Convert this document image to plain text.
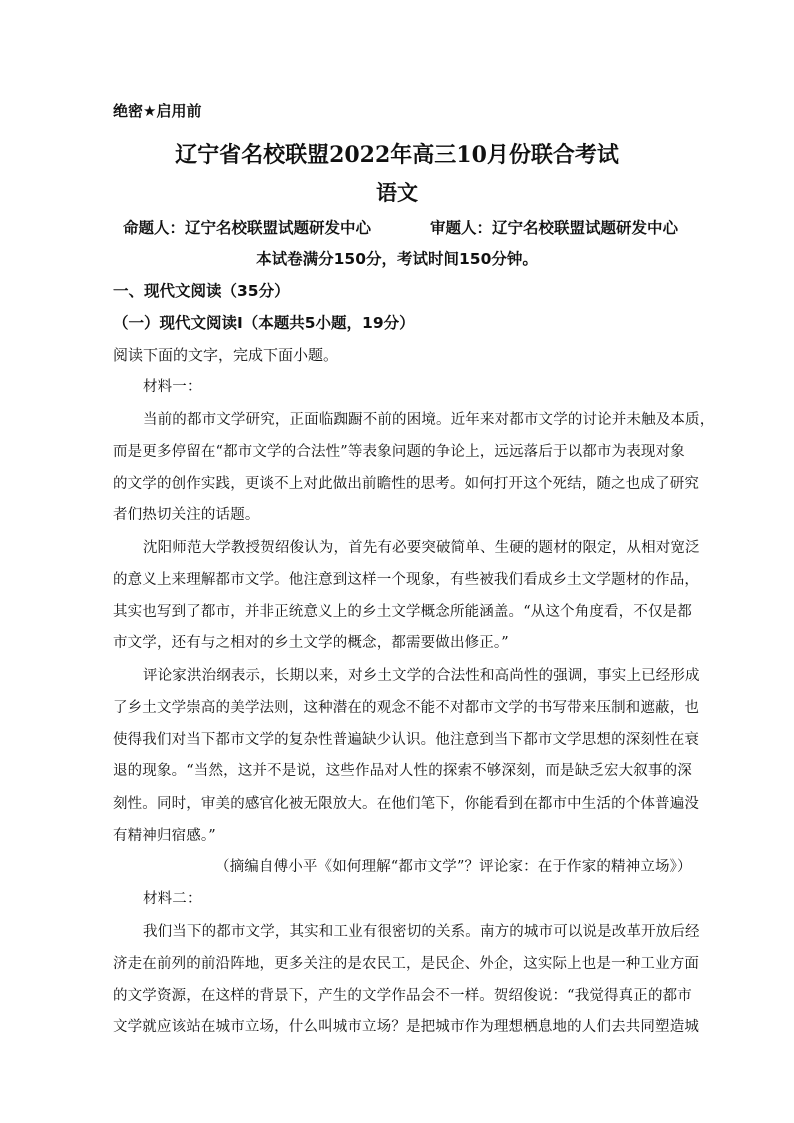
绝密★启用前
辽宁省名校联盟2022年高三10月份联合考试
语文
命题人：辽宁名校联盟试题研发中心	审题人：辽宁名校联盟试题研发中心
本试卷满分150分，考试时间150分钟。
一、现代文阅读（35分）
（一）现代文阅读Ⅰ（本题共5小题，19分）
阅读下面的文字，完成下面小题。
材料一：
当前的都市文学研究，正面临踟蹰不前的困境。近年来对都市文学的讨论并未触及本质，
而是更多停留在“都市文学的合法性”等表象问题的争论上，远远落后于以都市为表现对象
的文学的创作实践，更谈不上对此做出前瞻性的思考。如何打开这个死结，随之也成了研究
者们热切关注的话题。
沈阳师范大学教授贺绍俊认为，首先有必要突破简单、生硬的题材的限定，从相对宽泛
的意义上来理解都市文学。他注意到这样一个现象，有些被我们看成乡土文学题材的作品，
其实也写到了都市，并非正统意义上的乡土文学概念所能涵盖。“从这个角度看，不仅是都
市文学，还有与之相对的乡土文学的概念，都需要做出修正。”
评论家洪治纲表示，长期以来，对乡土文学的合法性和高尚性的强调，事实上已经形成
了乡土文学崇高的美学法则，这种潜在的观念不能不对都市文学的书写带来压制和遮蔽，也
使得我们对当下都市文学的复杂性普遍缺少认识。他注意到当下都市文学思想的深刻性在衰
退的现象。“当然，这并不是说，这些作品对人性的探索不够深刻，而是缺乏宏大叙事的深
刻性。同时，审美的感官化被无限放大。在他们笔下，你能看到在都市中生活的个体普遍没
有精神归宿感。”
（摘编自傅小平《如何理解“都市文学”？评论家：在于作家的精神立场》）
材料二：
我们当下的都市文学，其实和工业有很密切的关系。南方的城市可以说是改革开放后经
济走在前列的前沿阵地，更多关注的是农民工，是民企、外企，这实际上也是一种工业方面
的文学资源，在这样的背景下，产生的文学作品会不一样。贺绍俊说：“我觉得真正的都市
文学就应该站在城市立场，什么叫城市立场？是把城市作为理想栖息地的人们去共同塑造城
